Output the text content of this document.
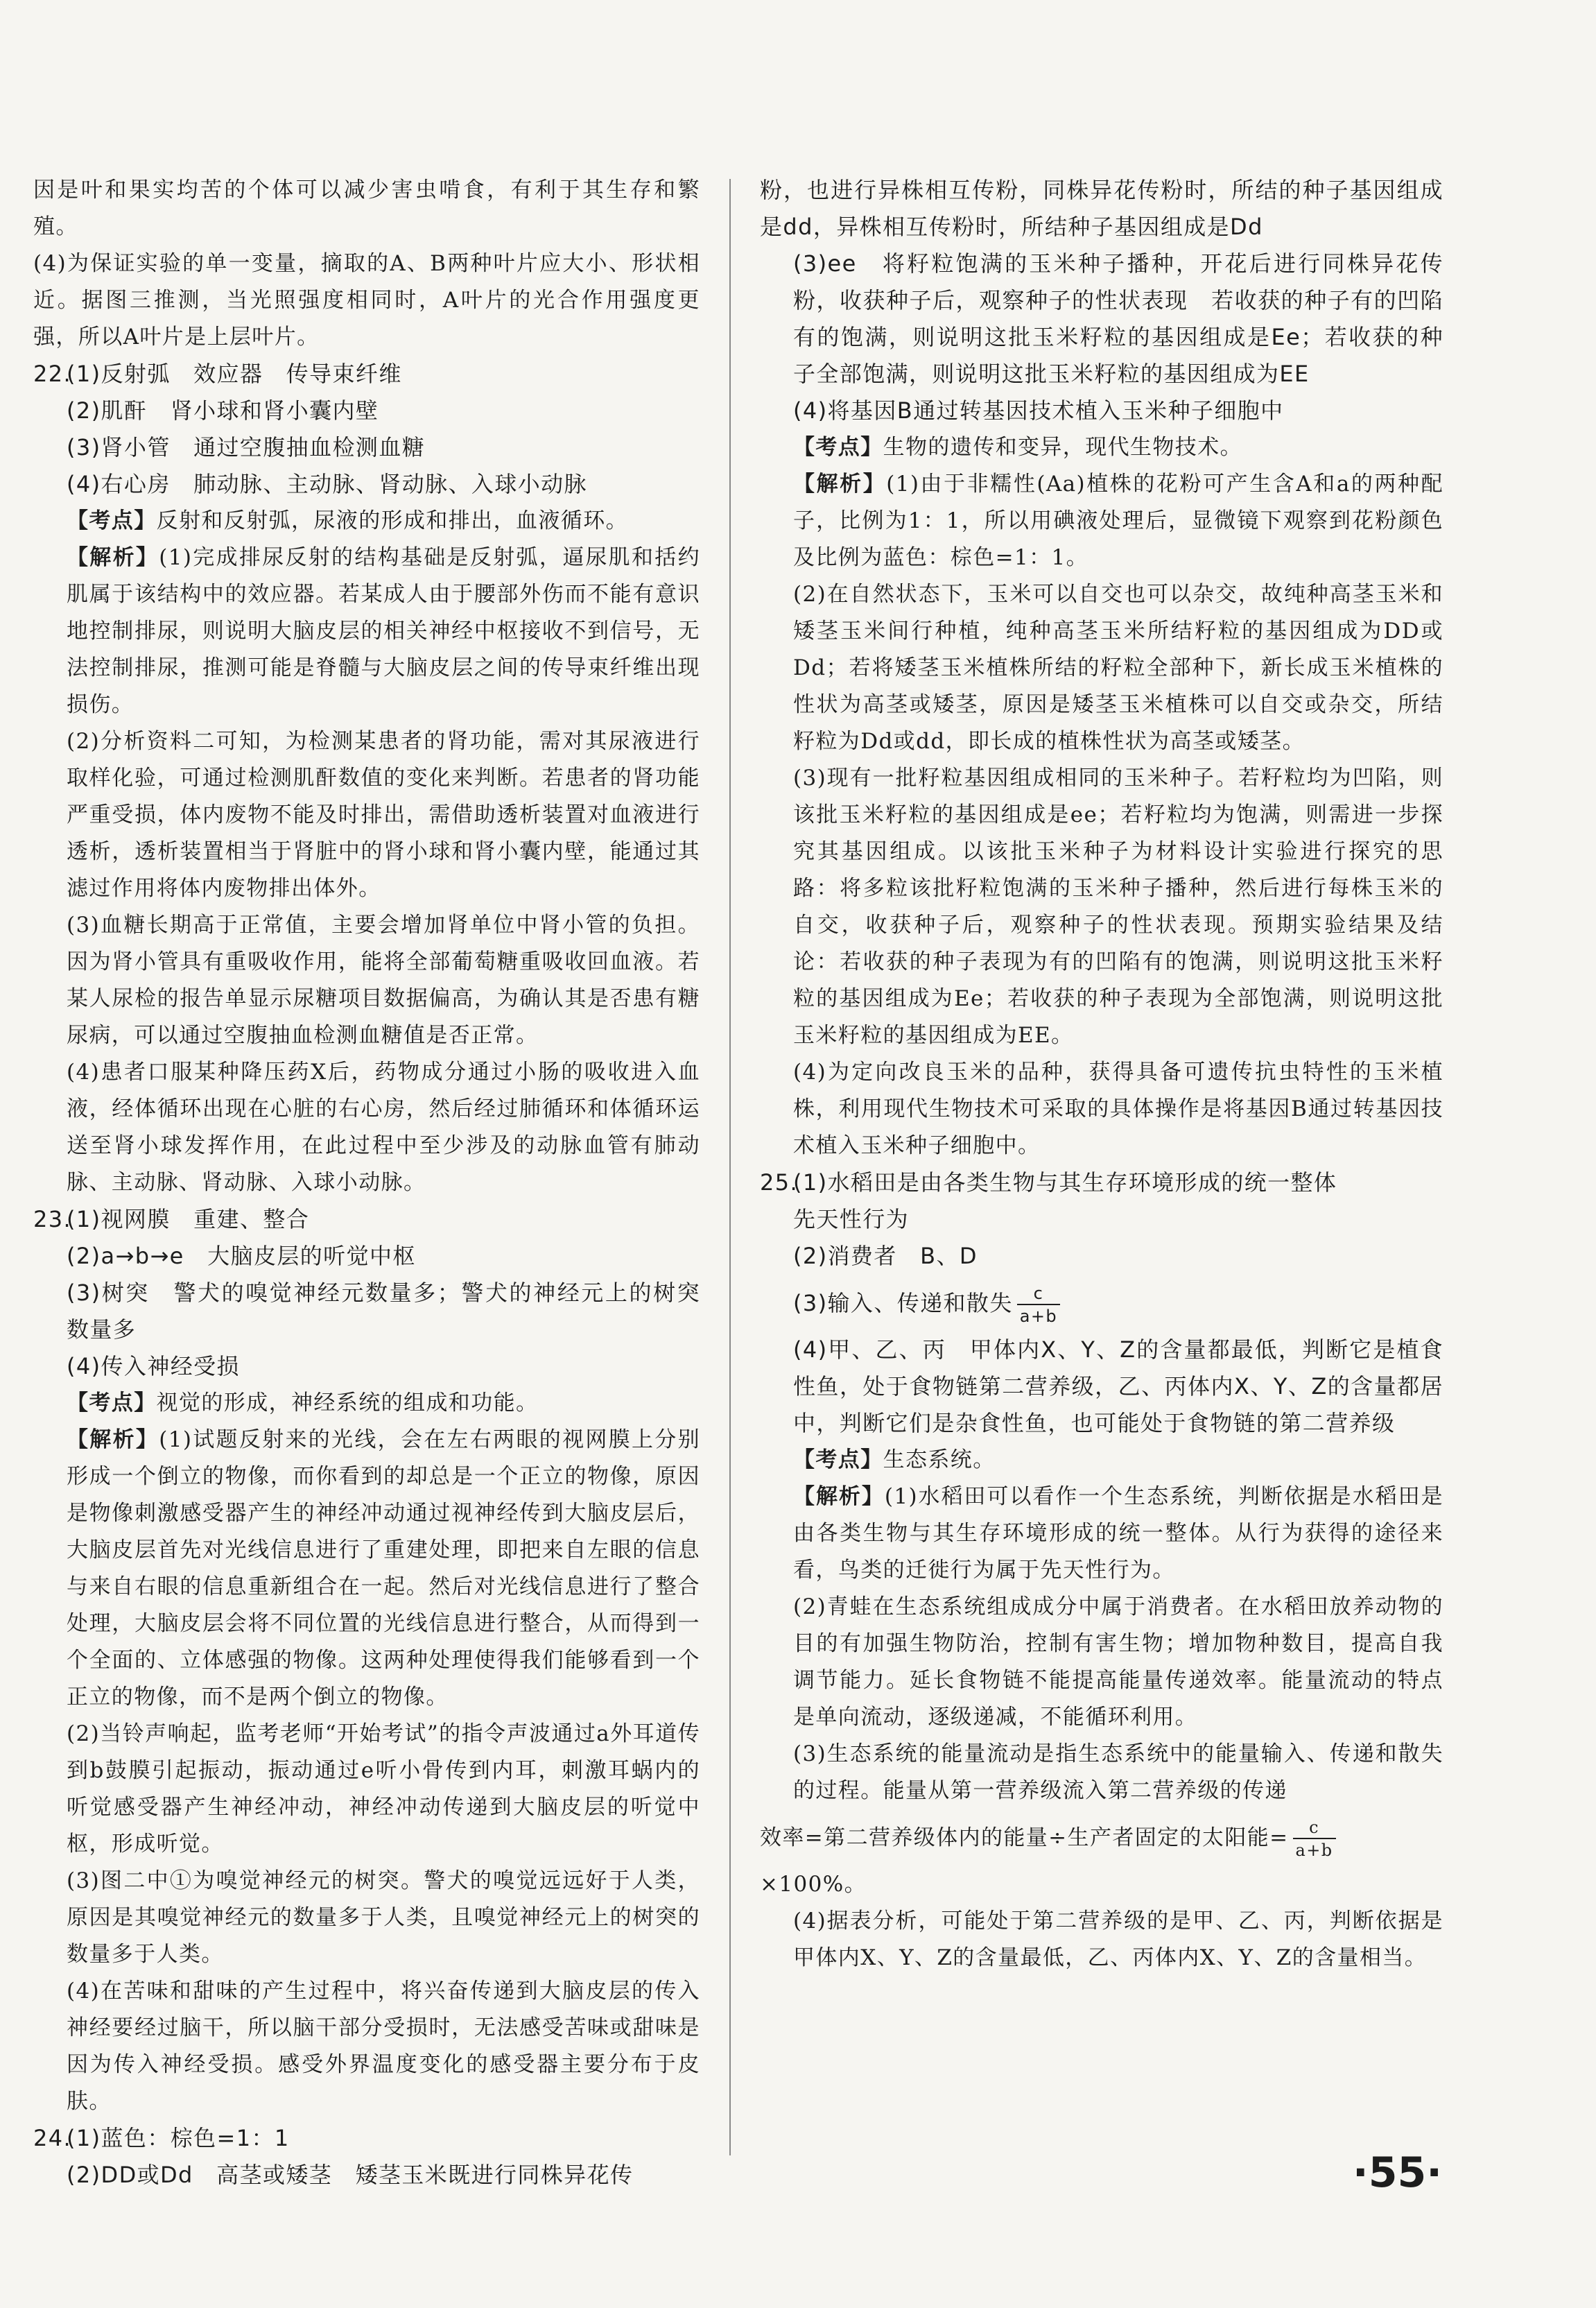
因是叶和果实均苦的个体可以减少害虫啃食，有利于其生存和繁殖。

(4)为保证实验的单一变量，摘取的A、B两种叶片应大小、形状相近。据图三推测，当光照强度相同时，A叶片的光合作用强度更强，所以A叶片是上层叶片。

22.(1)反射弧　效应器　传导束纤维

(2)肌酐　肾小球和肾小囊内壁

(3)肾小管　通过空腹抽血检测血糖

(4)右心房　肺动脉、主动脉、肾动脉、入球小动脉

【考点】反射和反射弧，尿液的形成和排出，血液循环。

【解析】(1)完成排尿反射的结构基础是反射弧，逼尿肌和括约肌属于该结构中的效应器。若某成人由于腰部外伤而不能有意识地控制排尿，则说明大脑皮层的相关神经中枢接收不到信号，无法控制排尿，推测可能是脊髓与大脑皮层之间的传导束纤维出现损伤。

(2)分析资料二可知，为检测某患者的肾功能，需对其尿液进行取样化验，可通过检测肌酐数值的变化来判断。若患者的肾功能严重受损，体内废物不能及时排出，需借助透析装置对血液进行透析，透析装置相当于肾脏中的肾小球和肾小囊内壁，能通过其滤过作用将体内废物排出体外。

(3)血糖长期高于正常值，主要会增加肾单位中肾小管的负担。因为肾小管具有重吸收作用，能将全部葡萄糖重吸收回血液。若某人尿检的报告单显示尿糖项目数据偏高，为确认其是否患有糖尿病，可以通过空腹抽血检测血糖值是否正常。

(4)患者口服某种降压药X后，药物成分通过小肠的吸收进入血液，经体循环出现在心脏的右心房，然后经过肺循环和体循环运送至肾小球发挥作用，在此过程中至少涉及的动脉血管有肺动脉、主动脉、肾动脉、入球小动脉。

23.(1)视网膜　重建、整合

(2)a→b→e　大脑皮层的听觉中枢

(3)树突　警犬的嗅觉神经元数量多；警犬的神经元上的树突数量多

(4)传入神经受损

【考点】视觉的形成，神经系统的组成和功能。

【解析】(1)试题反射来的光线，会在左右两眼的视网膜上分别形成一个倒立的物像，而你看到的却总是一个正立的物像，原因是物像刺激感受器产生的神经冲动通过视神经传到大脑皮层后，大脑皮层首先对光线信息进行了重建处理，即把来自左眼的信息与来自右眼的信息重新组合在一起。然后对光线信息进行了整合处理，大脑皮层会将不同位置的光线信息进行整合，从而得到一个全面的、立体感强的物像。这两种处理使得我们能够看到一个正立的物像，而不是两个倒立的物像。

(2)当铃声响起，监考老师“开始考试”的指令声波通过a外耳道传到b鼓膜引起振动，振动通过e听小骨传到内耳，刺激耳蜗内的听觉感受器产生神经冲动，神经冲动传递到大脑皮层的听觉中枢，形成听觉。

(3)图二中①为嗅觉神经元的树突。警犬的嗅觉远远好于人类，原因是其嗅觉神经元的数量多于人类，且嗅觉神经元上的树突的数量多于人类。

(4)在苦味和甜味的产生过程中，将兴奋传递到大脑皮层的传入神经要经过脑干，所以脑干部分受损时，无法感受苦味或甜味是因为传入神经受损。感受外界温度变化的感受器主要分布于皮肤。

24.(1)蓝色：棕色=1：1

(2)DD或Dd　高茎或矮茎　矮茎玉米既进行同株异花传

粉，也进行异株相互传粉，同株异花传粉时，所结的种子基因组成是dd，异株相互传粉时，所结种子基因组成是Dd

(3)ee　将籽粒饱满的玉米种子播种，开花后进行同株异花传粉，收获种子后，观察种子的性状表现　若收获的种子有的凹陷有的饱满，则说明这批玉米籽粒的基因组成是Ee；若收获的种子全部饱满，则说明这批玉米籽粒的基因组成为EE

(4)将基因B通过转基因技术植入玉米种子细胞中

【考点】生物的遗传和变异，现代生物技术。

【解析】(1)由于非糯性(Aa)植株的花粉可产生含A和a的两种配子，比例为1：1，所以用碘液处理后，显微镜下观察到花粉颜色及比例为蓝色：棕色=1：1。

(2)在自然状态下，玉米可以自交也可以杂交，故纯种高茎玉米和矮茎玉米间行种植，纯种高茎玉米所结籽粒的基因组成为DD或Dd；若将矮茎玉米植株所结的籽粒全部种下，新长成玉米植株的性状为高茎或矮茎，原因是矮茎玉米植株可以自交或杂交，所结籽粒为Dd或dd，即长成的植株性状为高茎或矮茎。

(3)现有一批籽粒基因组成相同的玉米种子。若籽粒均为凹陷，则该批玉米籽粒的基因组成是ee；若籽粒均为饱满，则需进一步探究其基因组成。以该批玉米种子为材料设计实验进行探究的思路：将多粒该批籽粒饱满的玉米种子播种，然后进行每株玉米的自交，收获种子后，观察种子的性状表现。预期实验结果及结论：若收获的种子表现为有的凹陷有的饱满，则说明这批玉米籽粒的基因组成为Ee；若收获的种子表现为全部饱满，则说明这批玉米籽粒的基因组成为EE。

(4)为定向改良玉米的品种，获得具备可遗传抗虫特性的玉米植株，利用现代生物技术可采取的具体操作是将基因B通过转基因技术植入玉米种子细胞中。

25.(1)水稻田是由各类生物与其生存环境形成的统一整体

先天性行为

(2)消费者　B、D

(3)输入、传递和散失 $\frac{c}{a+b}$

(4)甲、乙、丙　甲体内X、Y、Z的含量都最低，判断它是植食性鱼，处于食物链第二营养级，乙、丙体内X、Y、Z的含量都居中，判断它们是杂食性鱼，也可能处于食物链的第二营养级

【考点】生态系统。

【解析】(1)水稻田可以看作一个生态系统，判断依据是水稻田是由各类生物与其生存环境形成的统一整体。从行为获得的途径来看，鸟类的迁徙行为属于先天性行为。

(2)青蛙在生态系统组成成分中属于消费者。在水稻田放养动物的目的有加强生物防治，控制有害生物；增加物种数目，提高自我调节能力。延长食物链不能提高能量传递效率。能量流动的特点是单向流动，逐级递减，不能循环利用。

(3)生态系统的能量流动是指生态系统中的能量输入、传递和散失的过程。能量从第一营养级流入第二营养级的传递

效率=第二营养级体内的能量÷生产者固定的太阳能= $\frac{c}{a+b}$

×100%。

(4)据表分析，可能处于第二营养级的是甲、乙、丙，判断依据是甲体内X、Y、Z的含量最低，乙、丙体内X、Y、Z的含量相当。

·55·
